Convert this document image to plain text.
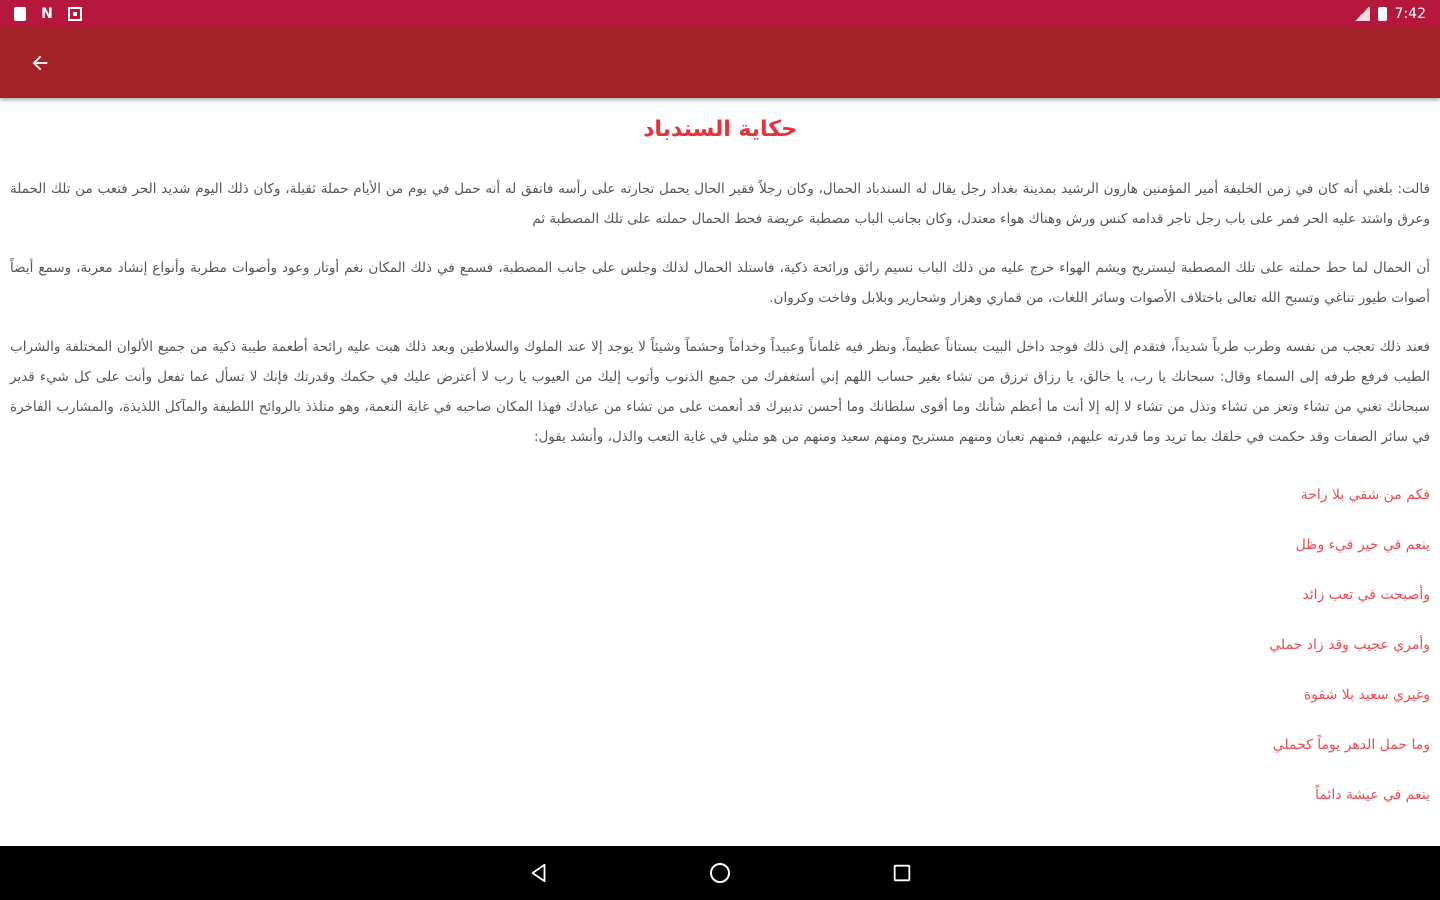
N	7:42
حكاية السندباد

قالت: بلغني أنه كان في زمن الخليفة أمير المؤمنين هارون الرشيد بمدينة بغداد رجل يقال له السندباد الحمال، وكان رجلاً فقير الحال يحمل تجارته على رأسه فاتفق له أنه حمل في يوم من الأيام حملة ثقيلة، وكان ذلك اليوم شديد الحر فتعب من تلك الحملة وعرق واشتد عليه الحر فمر على باب رجل تاجر قدامه كنس ورش وهناك هواء معتدل، وكان بجانب الباب مصطبة عريضة فحط الحمال حملته على تلك المصطبة ثم

أن الحمال لما حط حملته على تلك المصطبة ليستريح ويشم الهواء خرج عليه من ذلك الباب نسيم رائق ورائحة ذكية، فاستلذ الحمال لذلك وجلس على جانب المصطبة، فسمع في ذلك المكان نغم أوتار وعود وأصوات مطربة وأنواع إنشاد معربة، وسمع أيضاً أصوات طيور تناغي وتسبح الله تعالى باختلاف الأصوات وسائر اللغات، من قماري وهزار وشحارير وبلابل وفاخت وكروان.

فعند ذلك تعجب من نفسه وطرب طرباً شديداً، فتقدم إلى ذلك فوجد داخل البيت بستاناً عظيماً، ونظر فيه غلماناً وعبيداً وخداماً وحشماً وشيئاً لا يوجد إلا عند الملوك والسلاطين وبعد ذلك هبت عليه رائحة أطعمة طيبة ذكية من جميع الألوان المختلفة والشراب الطيب فرفع طرفه إلى السماء وقال: سبحانك يا رب، يا خالق، يا رزاق ترزق من تشاء بغير حساب اللهم إني أستغفرك من جميع الذنوب وأتوب إليك من العيوب يا رب لا أعترض عليك في حكمك وقدرتك فإنك لا تسأل عما تفعل وأنت على كل شيء قدير سبحانك تغني من تشاء وتعز من تشاء وتذل من تشاء لا إله إلا أنت ما أعظم شأنك وما أقوى سلطانك وما أحسن تدبيرك قد أنعمت على من تشاء من عبادك فهذا المكان صاحبه في غاية النعمة، وهو متلذذ بالروائح اللطيفة والمآكل اللذيذة، والمشارب الفاخرة في سائر الصفات وقد حكمت في خلقك بما تريد وما قدرته عليهم، فمنهم تعبان ومنهم مستريح ومنهم سعيد ومنهم من هو مثلي في غاية التعب والذل، وأنشد يقول:

فكم من شقي بلا راحة

ينعم في خير فيء وظل

وأصبحت في تعب زائد

وأمري عجيب وقد زاد حملي

وغيري سعيد بلا شقوة

وما حمل الدهر يوماً كحملي

ينعم في عيشة دائماً
